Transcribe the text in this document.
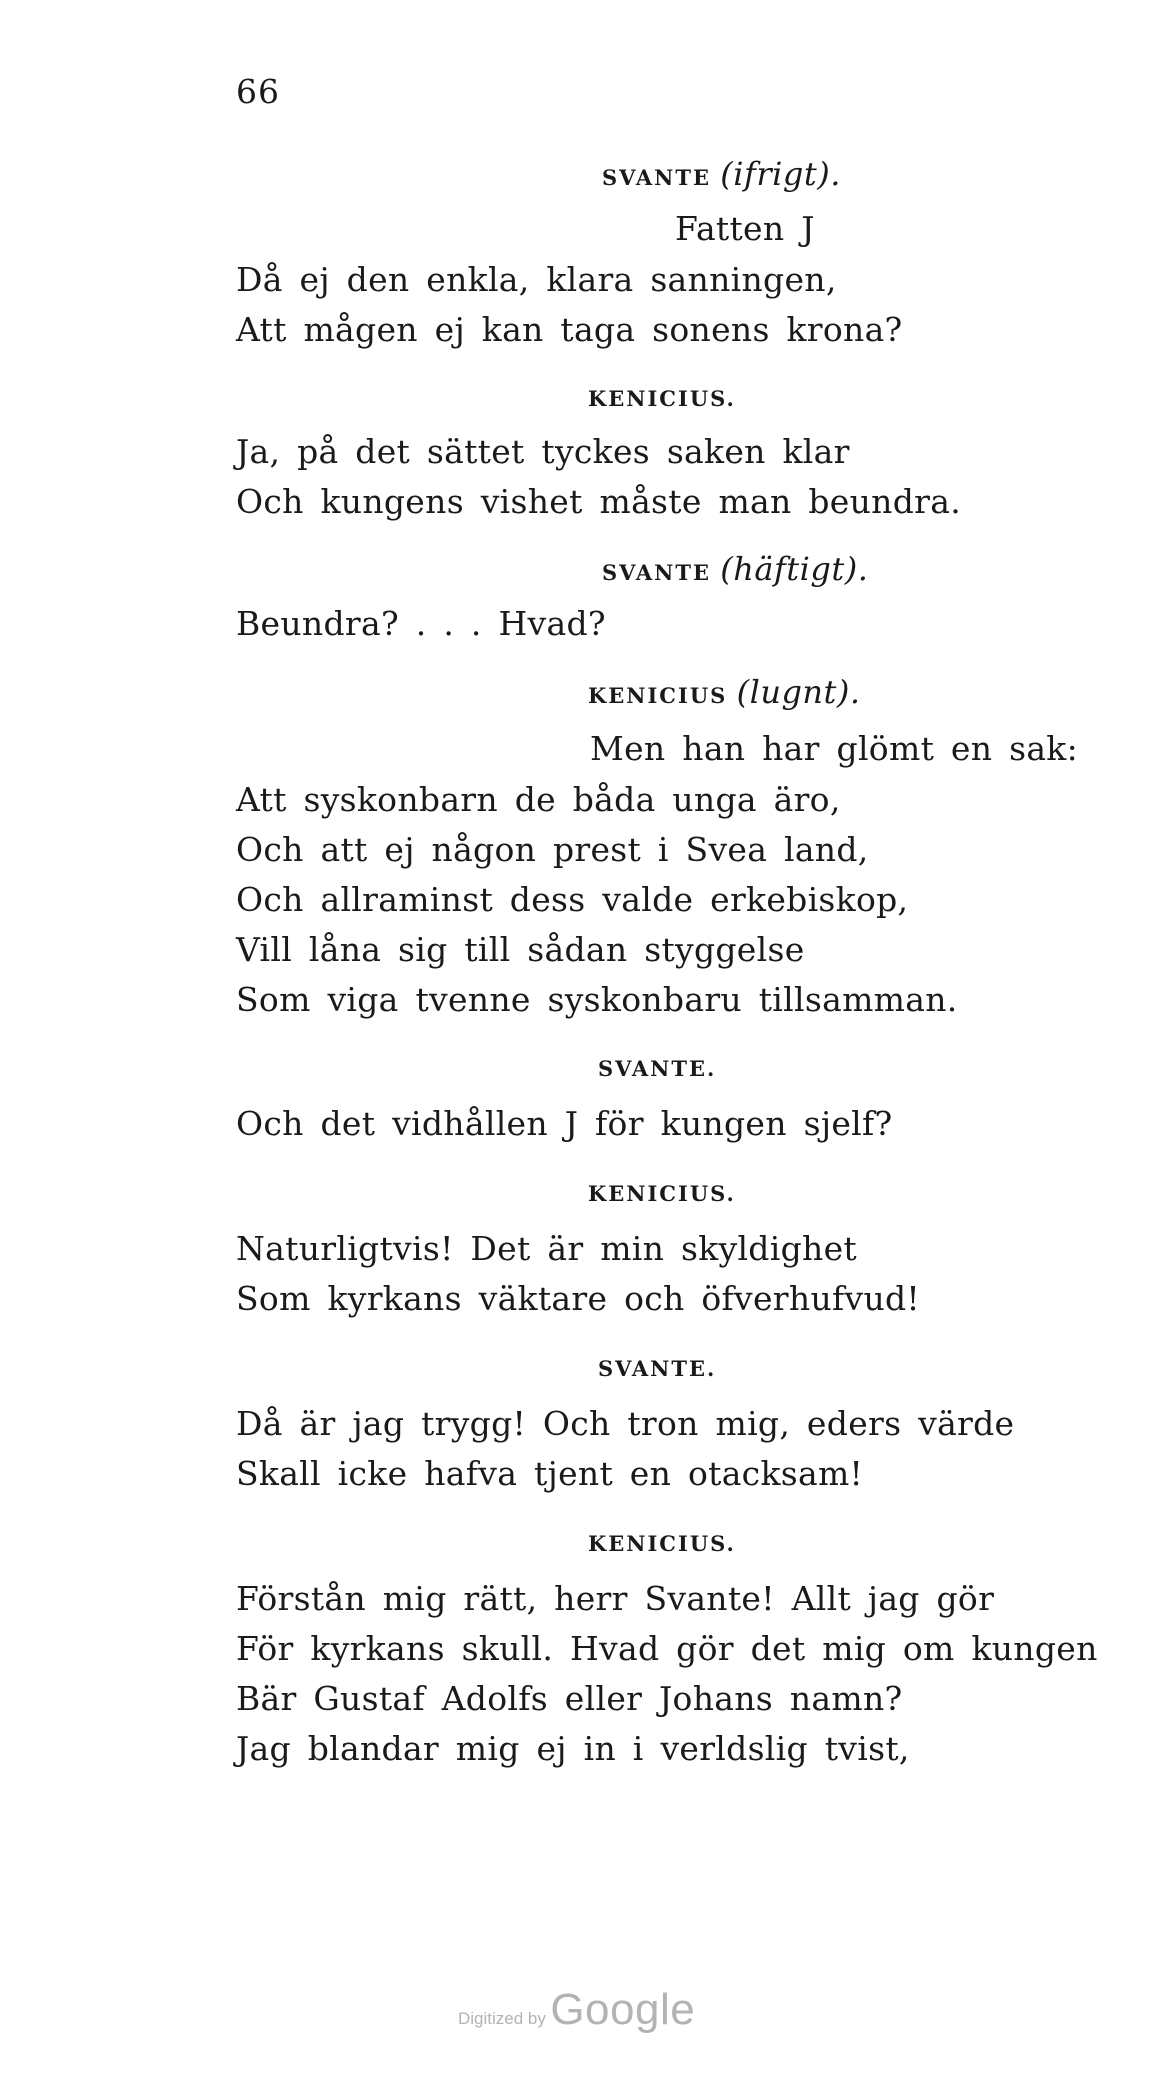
66
SVANTE (ifrigt).
Fatten J
Då ej den enkla, klara sanningen,
Att mågen ej kan taga sonens krona?
KENICIUS.
Ja, på det sättet tyckes saken klar
Och kungens vishet måste man beundra.
SVANTE (häftigt).
Beundra? . . . Hvad?
KENICIUS (lugnt).
Men han har glömt en sak:
Att syskonbarn de båda unga äro,
Och att ej någon prest i Svea land,
Och allraminst dess valde erkebiskop,
Vill låna sig till sådan styggelse
Som viga tvenne syskonbaru tillsamman.
SVANTE.
Och det vidhållen J för kungen sjelf?
KENICIUS.
Naturligtvis! Det är min skyldighet
Som kyrkans väktare och öfverhufvud!
SVANTE.
Då är jag trygg! Och tron mig, eders värde
Skall icke hafva tjent en otacksam!
KENICIUS.
Förstån mig rätt, herr Svante! Allt jag gör
För kyrkans skull. Hvad gör det mig om kungen
Bär Gustaf Adolfs eller Johans namn?
Jag blandar mig ej in i verldslig tvist,
Digitized by Google
